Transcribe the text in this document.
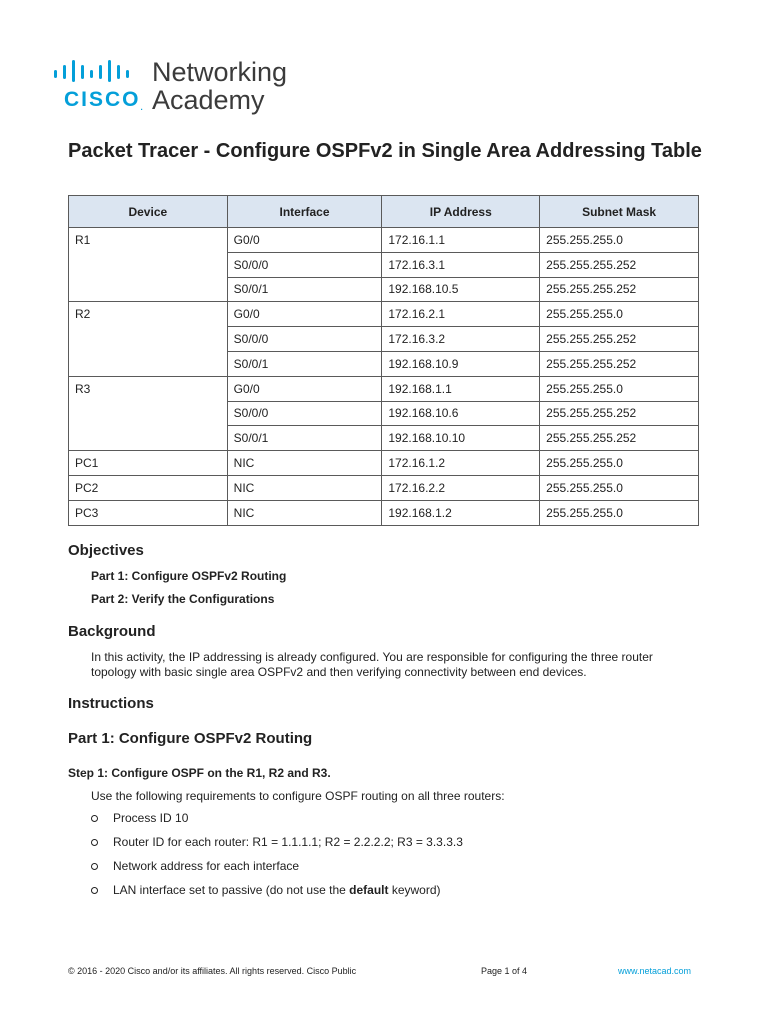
CISCO.
Networking
Academy
Packet Tracer - Configure OSPFv2 in Single Area Addressing Table
Device	Interface	IP Address	Subnet Mask
R1	G0/0	172.16.1.1	255.255.255.0
	S0/0/0	172.16.3.1	255.255.255.252
	S0/0/1	192.168.10.5	255.255.255.252
R2	G0/0	172.16.2.1	255.255.255.0
	S0/0/0	172.16.3.2	255.255.255.252
	S0/0/1	192.168.10.9	255.255.255.252
R3	G0/0	192.168.1.1	255.255.255.0
	S0/0/0	192.168.10.6	255.255.255.252
	S0/0/1	192.168.10.10	255.255.255.252
PC1	NIC	172.16.1.2	255.255.255.0
PC2	NIC	172.16.2.2	255.255.255.0
PC3	NIC	192.168.1.2	255.255.255.0
Objectives
Part 1: Configure OSPFv2 Routing
Part 2: Verify the Configurations
Background
In this activity, the IP addressing is already configured. You are responsible for configuring the three router
topology with basic single area OSPFv2 and then verifying connectivity between end devices.
Instructions
Part 1: Configure OSPFv2 Routing
Step 1: Configure OSPF on the R1, R2 and R3.
Use the following requirements to configure OSPF routing on all three routers:
Process ID 10
Router ID for each router: R1 = 1.1.1.1; R2 = 2.2.2.2; R3 = 3.3.3.3
Network address for each interface
LAN interface set to passive (do not use the default keyword)
© 2016 - 2020 Cisco and/or its affiliates. All rights reserved. Cisco Public	Page 1 of 4	www.netacad.com
